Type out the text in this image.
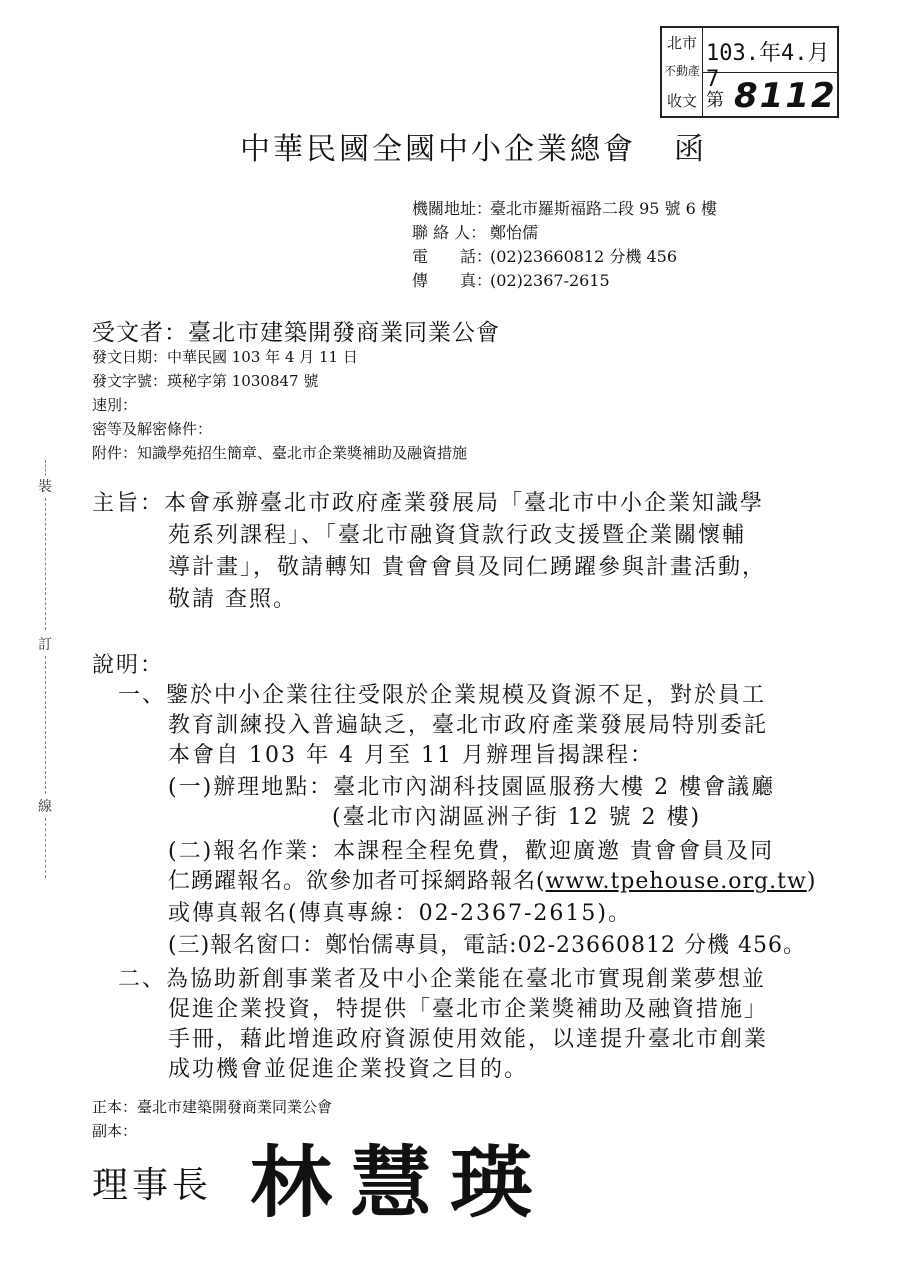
北市
不動產
收文
103.年4.月7
第 8112
中華民國全國中小企業總會 函
機關地址：臺北市羅斯福路二段 95 號 6 樓
聯 絡 人： 鄭怡儒
電　　話：(02)23660812 分機 456
傳　　真：(02)2367-2615
受文者：臺北市建築開發商業同業公會
發文日期：中華民國 103 年 4 月 11 日
發文字號：瑛秘字第 1030847 號
速別：
密等及解密條件：
附件：知識學苑招生簡章、臺北市企業獎補助及融資措施
裝
訂
線
主旨：本會承辦臺北市政府產業發展局「臺北市中小企業知識學
苑系列課程」、「臺北市融資貸款行政支援暨企業關懷輔
導計畫」，敬請轉知 貴會會員及同仁踴躍參與計畫活動，
敬請 查照。
說明：
一、鑒於中小企業往往受限於企業規模及資源不足，對於員工
教育訓練投入普遍缺乏，臺北市政府產業發展局特別委託
本會自 103 年 4 月至 11 月辦理旨揭課程：
(一)辦理地點：臺北市內湖科技園區服務大樓 2 樓會議廳
(臺北市內湖區洲子街 12 號 2 樓)
(二)報名作業：本課程全程免費，歡迎廣邀 貴會會員及同
仁踴躍報名。欲參加者可採網路報名(www.tpehouse.org.tw)
或傳真報名(傳真專線：02-2367-2615)。
(三)報名窗口：鄭怡儒專員，電話:02-23660812 分機 456。
二、為協助新創事業者及中小企業能在臺北市實現創業夢想並
促進企業投資，特提供「臺北市企業獎補助及融資措施」
手冊，藉此增進政府資源使用效能，以達提升臺北市創業
成功機會並促進企業投資之目的。
正本：臺北市建築開發商業同業公會
副本：
理事長 林慧瑛
